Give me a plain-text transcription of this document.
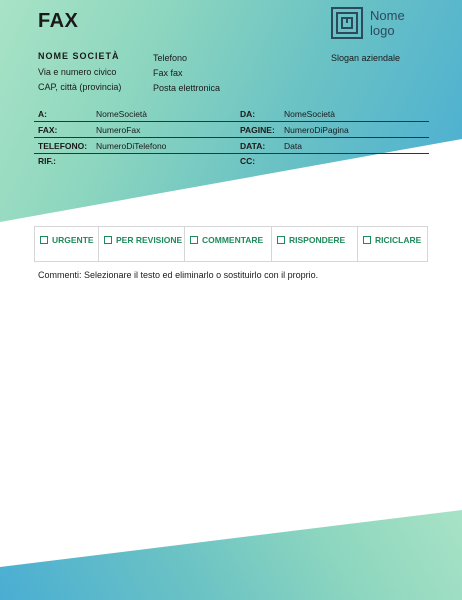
FAX	Nome logo
Slogan aziendale
NOME SOCIETÀ
Via e numero civico
CAP, città (provincia)
Telefono
Fax fax
Posta elettronica
A:	NomeSocietà	DA:	NomeSocietà
FAX:	NumeroFax	PAGINE: NumeroDiPagina
TELEFONO: NumeroDiTelefono	DATA: Data
RIF.:	CC:
URGENTE	PER REVISIONE COMMENTARE	RISPONDERE	RICICLARE
Commenti: Selezionare il testo ed eliminarlo o sostituirlo con il proprio.
